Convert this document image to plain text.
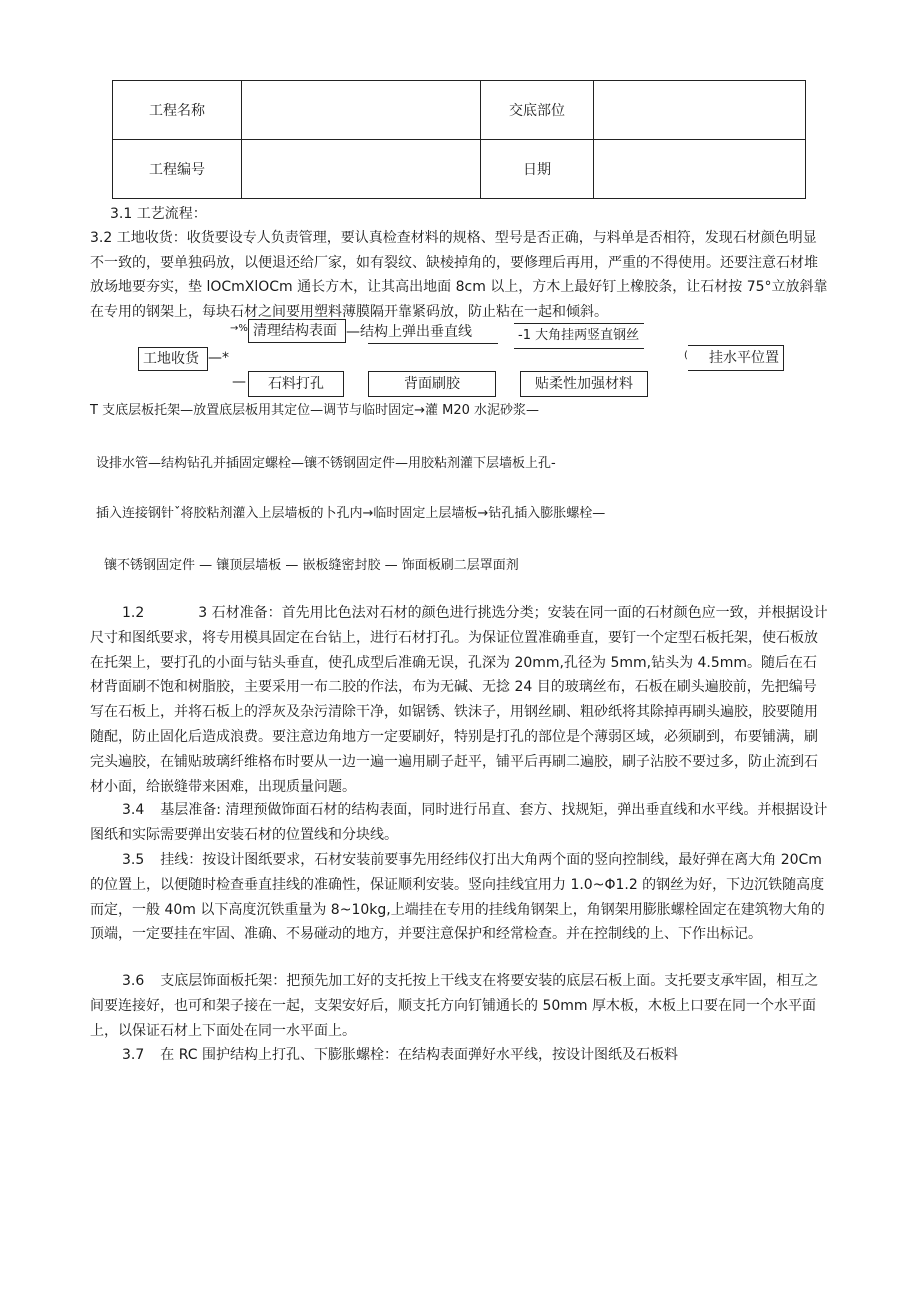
工程名称		交底部位	
工程编号		日期	
3.1 工艺流程：
3.2 工地收货：收货要设专人负责管理，要认真检查材料的规格、型号是否正确，与料单是否相符，发现石材颜色明显不一致的，要单独码放，以便退还给厂家，如有裂纹、缺棱掉角的，要修理后再用，严重的不得使用。还要注意石材堆放场地要夯实，垫 lOCmXlOCm 通长方木，让其高出地面 8cm 以上，方木上最好钉上橡胶条，让石材按 75°立放斜靠在专用的钢架上，每块石材之间要用塑料薄膜隔开靠紧码放，防止粘在一起和倾斜。
→% 清理结构表面 —结构上弹出垂直线	-1 大角挂两竖直钢丝
工地收货 —*	(	挂水平位置
—	石料打孔	背面刷胶	贴柔性加强材料
T 支底层板托架—放置底层板用其定位—调节与临时固定→灌 M20 水泥砂浆—
设排水管—结构钻孔并插固定螺栓—镶不锈钢固定件—用胶粘剂灌下层墙板上孔-
插入连接钢针ˇ将胶粘剂灌入上层墙板的卜孔内→临时固定上层墙板→钻孔插入膨胀螺栓—
镶不锈钢固定件 — 镶顶层墙板 — 嵌板缝密封胶 — 饰面板刷二层罩面剂
1.2	3 石材准备：首先用比色法对石材的颜色进行挑选分类；安装在同一面的石材颜色应一致，并根据设计尺寸和图纸要求，将专用模具固定在台钻上，进行石材打孔。为保证位置准确垂直，要钉一个定型石板托架，使石板放在托架上，要打孔的小面与钻头垂直，使孔成型后准确无误，孔深为 20mm,孔径为 5mm,钻头为 4.5mm。随后在石材背面刷不饱和树脂胶，主要采用一布二胶的作法，布为无碱、无捻 24 目的玻璃丝布，石板在刷头遍胶前，先把编号写在石板上，并将石板上的浮灰及杂污清除干净，如锯锈、铁沫子，用钢丝刷、粗砂纸将其除掉再刷头遍胶，胶要随用随配，防止固化后造成浪费。要注意边角地方一定要刷好，特别是打孔的部位是个薄弱区域，必须刷到，布要铺满，刷完头遍胶，在铺贴玻璃纤维格布时要从一边一遍一遍用刷子赶平，铺平后再刷二遍胶，刷子沾胶不要过多，防止流到石材小面，给嵌缝带来困难，出现质量问题。
3.4 基层准备: 清理预做饰面石材的结构表面，同时进行吊直、套方、找规矩，弹出垂直线和水平线。并根据设计图纸和实际需要弹出安装石材的位置线和分块线。
3.5 挂线：按设计图纸要求，石材安装前要事先用经纬仪打出大角两个面的竖向控制线，最好弹在离大角 20Cm 的位置上，以便随时检查垂直挂线的准确性，保证顺利安装。竖向挂线宜用力 1.0~Φ1.2 的钢丝为好，下边沉铁随高度而定，一般 40m 以下高度沉铁重量为 8~10kg,上端挂在专用的挂线角钢架上，角钢架用膨胀螺栓固定在建筑物大角的顶端，一定要挂在牢固、准确、不易碰动的地方，并要注意保护和经常检查。并在控制线的上、下作出标记。
3.6 支底层饰面板托架：把预先加工好的支托按上干线支在将要安装的底层石板上面。支托要支承牢固，相互之间要连接好，也可和架子接在一起，支架安好后，顺支托方向钉铺通长的 50mm 厚木板，木板上口要在同一个水平面上，以保证石材上下面处在同一水平面上。
3.7 在 RC 围护结构上打孔、下膨胀螺栓：在结构表面弹好水平线，按设计图纸及石板料
